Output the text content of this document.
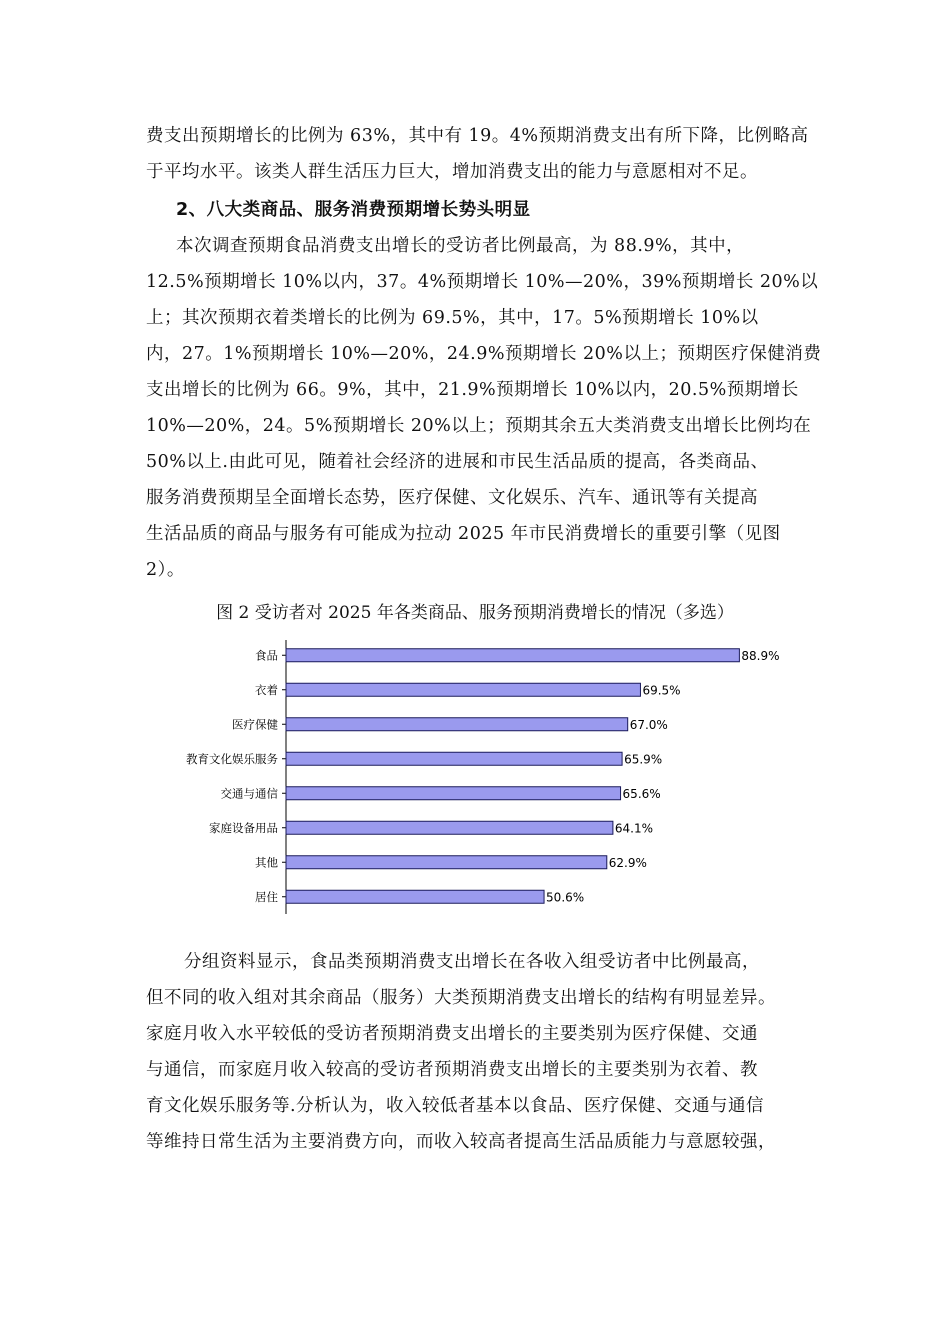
费支出预期增长的比例为 63%，其中有 19。4%预期消费支出有所下降，比例略高
于平均水平。该类人群生活压力巨大，增加消费支出的能力与意愿相对不足。
2、八大类商品、服务消费预期增长势头明显
本次调查预期食品消费支出增长的受访者比例最高，为 88.9%，其中，
12.5%预期增长 10%以内，37。4%预期增长 10%—20%，39%预期增长 20%以
上；其次预期衣着类增长的比例为 69.5%，其中，17。5%预期增长 10%以
内，27。1%预期增长 10%—20%，24.9%预期增长 20%以上；预期医疗保健消费
支出增长的比例为 66。9%，其中，21.9%预期增长 10%以内，20.5%预期增长
10%—20%，24。5%预期增长 20%以上；预期其余五大类消费支出增长比例均在
50%以上.由此可见，随着社会经济的进展和市民生活品质的提高，各类商品、
服务消费预期呈全面增长态势，医疗保健、文化娱乐、汽车、通讯等有关提高
生活品质的商品与服务有可能成为拉动 2025 年市民消费增长的重要引擎（见图
2）。
图 2 受访者对 2025 年各类商品、服务预期消费增长的情况（多选）
食品	88.9%
衣着	69.5%
医疗保健	67.0%
教育文化娱乐服务	65.9%
交通与通信	65.6%
家庭设备用品	64.1%
其他	62.9%
居住	50.6%
分组资料显示，食品类预期消费支出增长在各收入组受访者中比例最高，
但不同的收入组对其余商品（服务）大类预期消费支出增长的结构有明显差异。
家庭月收入水平较低的受访者预期消费支出增长的主要类别为医疗保健、交通
与通信，而家庭月收入较高的受访者预期消费支出增长的主要类别为衣着、教
育文化娱乐服务等.分析认为，收入较低者基本以食品、医疗保健、交通与通信
等维持日常生活为主要消费方向，而收入较高者提高生活品质能力与意愿较强，
